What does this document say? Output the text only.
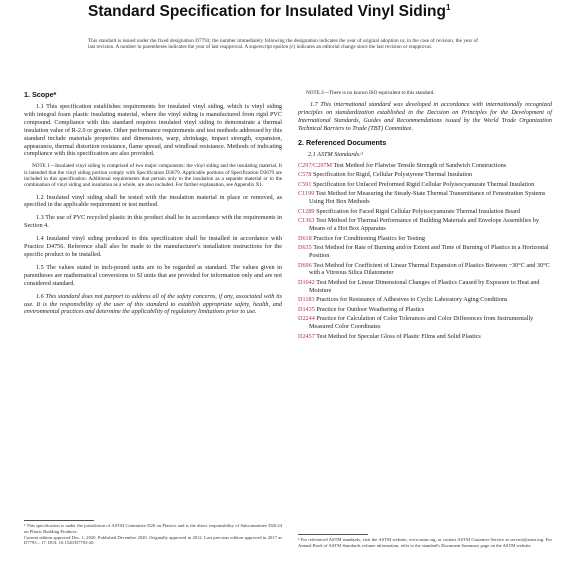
Standard Specification for Insulated Vinyl Siding$^1$
This standard is issued under the fixed designation D7793; the number immediately following the designation indicates the year of original adoption or, in the case of revision, the year of last revision. A number in parentheses indicates the year of last reapproval. A superscript epsilon (ε) indicates an editorial change since the last revision or reapproval.
1. Scope*

1.1 This specification establishes requirements for insulated vinyl siding, which is vinyl siding with integral foam plastic insulating material, where the vinyl siding is manufactured from rigid PVC compound. Compliance with this standard requires insulated vinyl siding to demonstrate a thermal insulation value of R-2.0 or greater. Other performance requirements and test methods addressed by this standard include materials properties and dimensions, warp, shrinkage, impact strength, expansion, appearance, thermal distortion resistance, flame spread, and windload resistance. Methods of indicating compliance with this specification are also provided.

NOTE 1—Insulated vinyl siding is comprised of two major components: the vinyl siding and the insulating material. It is intended that the vinyl siding portion comply with Specification D3679. Applicable portions of Specification D3679 are included in this specification. Additional requirements that pertain only to the insulation as a separate material or to the combination of vinyl siding and insulation as a whole, are also included. For further explanation, see Appendix X1.

1.2 Insulated vinyl siding shall be tested with the insulation material in place or removed, as specified in the applicable requirement or test method.

1.3 The use of PVC recycled plastic in this product shall be in accordance with the requirements in Section 4.

1.4 Insulated vinyl siding produced to this specification shall be installed in accordance with Practice D4756. Reference shall also be made to the manufacturer's installation instructions for the specific product to be installed.

1.5 The values stated in inch-pound units are to be regarded as standard. The values given in parentheses are mathematical conversions to SI units that are provided for information only and are not considered standard.

1.6 This standard does not purport to address all of the safety concerns, if any, associated with its use. It is the responsibility of the user of this standard to establish appropriate safety, health, and environmental practices and determine the applicability of regulatory limitations prior to use.

¹ This specification is under the jurisdiction of ASTM Committee D20 on Plastics and is the direct responsibility of Subcommittee D20.24 on Plastic Building Products.
Current edition approved Dec. 1, 2020. Published December 2020. Originally approved in 2012. Last previous edition approved in 2017 as D7793 – 17. DOI: 10.1520/D7793-20.

NOTE 2—There is no known ISO equivalent to this standard.

1.7 This international standard was developed in accordance with internationally recognized principles on standardization established in the Decision on Principles for the Development of International Standards, Guides and Recommendations issued by the World Trade Organization Technical Barriers to Trade (TBT) Committee.

2. Referenced Documents
2.1 ASTM Standards:²
C297/C297M Test Method for Flatwise Tensile Strength of Sandwich Constructions
C578 Specification for Rigid, Cellular Polystyrene Thermal Insulation
C591 Specification for Unfaced Preformed Rigid Cellular Polyisocyanurate Thermal Insulation
C1199 Test Method for Measuring the Steady-State Thermal Transmittance of Fenestration Systems Using Hot Box Methods
C1289 Specification for Faced Rigid Cellular Polyisocyanurate Thermal Insulation Board
C1363 Test Method for Thermal Performance of Building Materials and Envelope Assemblies by Means of a Hot Box Apparatus
D618 Practice for Conditioning Plastics for Testing
D635 Test Method for Rate of Burning and/or Extent and Time of Burning of Plastics in a Horizontal Position
D696 Test Method for Coefficient of Linear Thermal Expansion of Plastics Between −30°C and 30°C with a Vitreous Silica Dilatometer
D1042 Test Method for Linear Dimensional Changes of Plastics Caused by Exposure to Heat and Moisture
D1183 Practices for Resistance of Adhesives to Cyclic Laboratory Aging Conditions
D1435 Practice for Outdoor Weathering of Plastics
D2244 Practice for Calculation of Color Tolerances and Color Differences from Instrumentally Measured Color Coordinates
D2457 Test Method for Specular Gloss of Plastic Films and Solid Plastics
² For referenced ASTM standards, visit the ASTM website, www.astm.org, or contact ASTM Customer Service at service@astm.org. For Annual Book of ASTM Standards volume information, refer to the standard's Document Summary page on the ASTM website.
